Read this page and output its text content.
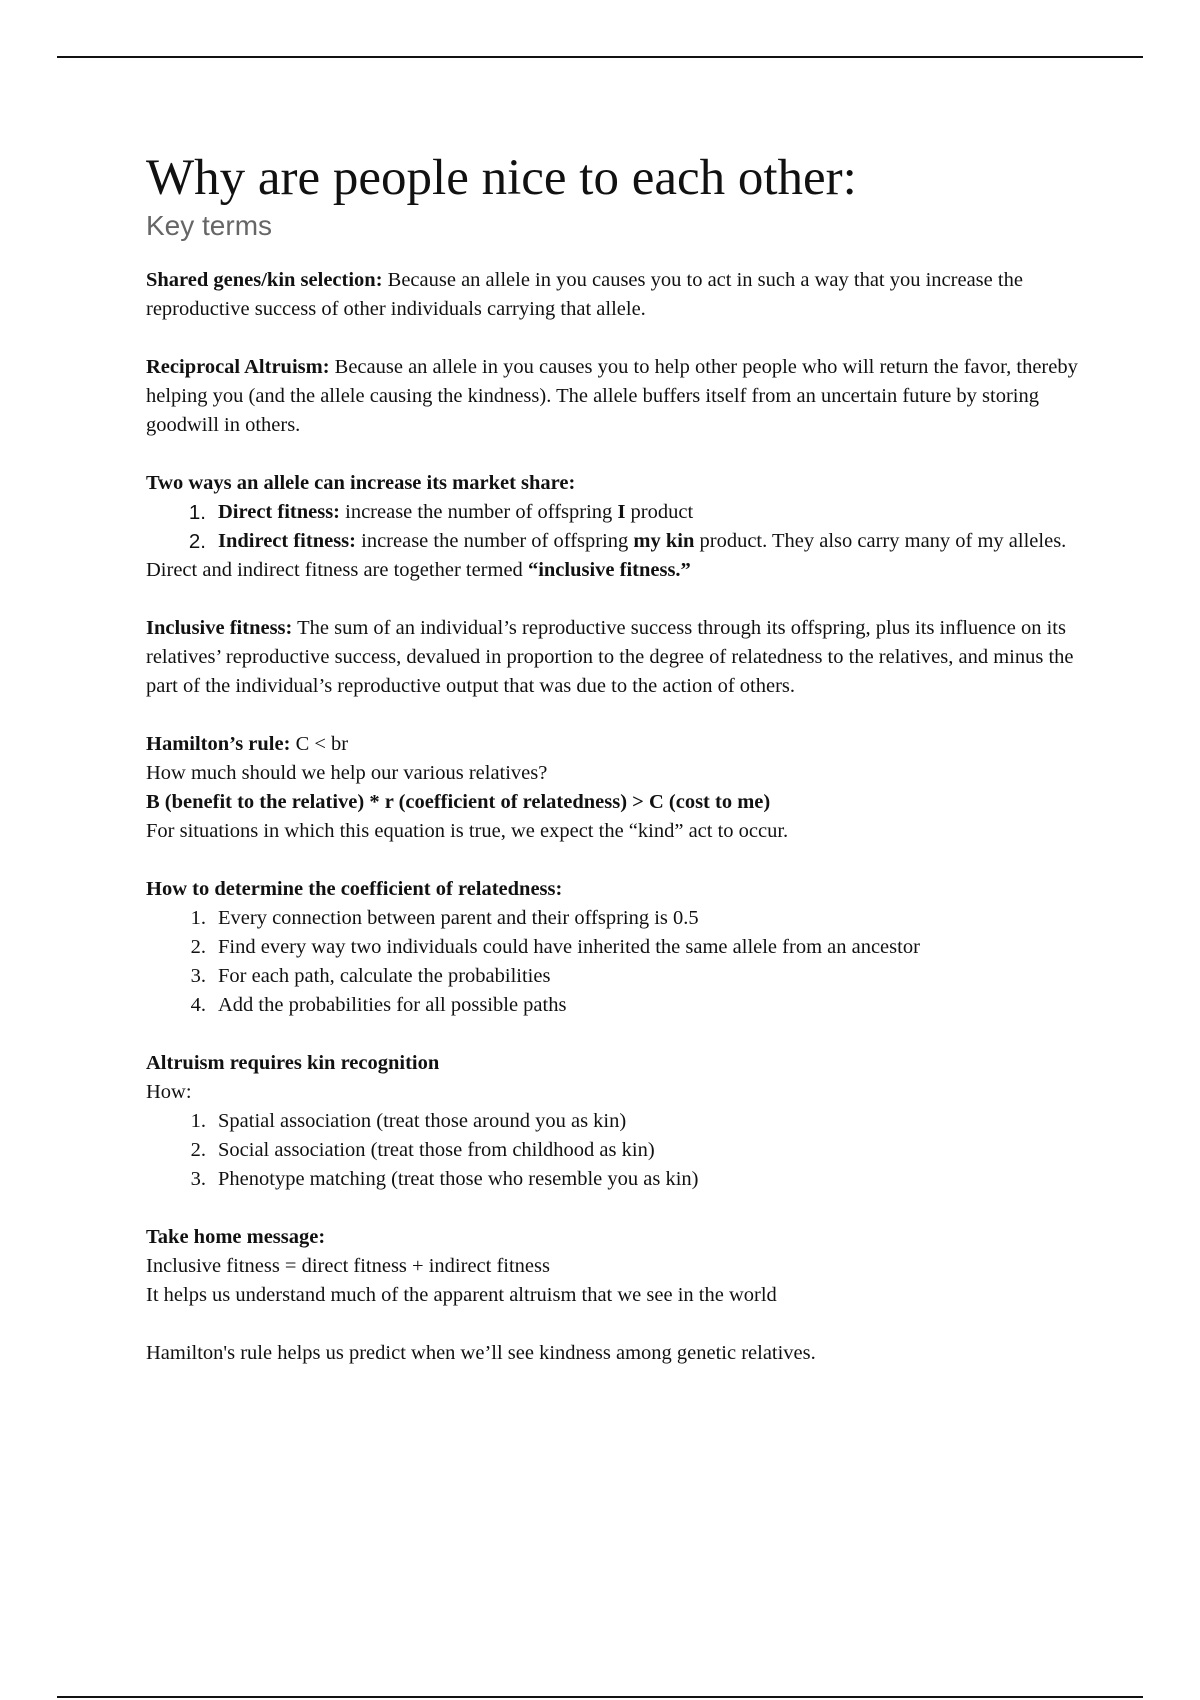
Why are people nice to each other:
Key terms

Shared genes/kin selection: Because an allele in you causes you to act in such a way that you increase the reproductive success of other individuals carrying that allele.

Reciprocal Altruism: Because an allele in you causes you to help other people who will return the favor, thereby helping you (and the allele causing the kindness). The allele buffers itself from an uncertain future by storing goodwill in others.

Two ways an allele can increase its market share:

1. Direct fitness: increase the number of offspring I product
2. Indirect fitness: increase the number of offspring my kin product. They also carry many of my alleles.

Direct and indirect fitness are together termed “inclusive fitness.”

Inclusive fitness: The sum of an individual’s reproductive success through its offspring, plus its influence on its relatives’ reproductive success, devalued in proportion to the degree of relatedness to the relatives, and minus the part of the individual’s reproductive output that was due to the action of others.

Hamilton’s rule: C < br

How much should we help our various relatives?

B (benefit to the relative) * r (coefficient of relatedness) > C (cost to me)

For situations in which this equation is true, we expect the “kind” act to occur.

How to determine the coefficient of relatedness:

1. Every connection between parent and their offspring is 0.5
2. Find every way two individuals could have inherited the same allele from an ancestor
3. For each path, calculate the probabilities
4. Add the probabilities for all possible paths

Altruism requires kin recognition

How:

1. Spatial association (treat those around you as kin)
2. Social association (treat those from childhood as kin)
3. Phenotype matching (treat those who resemble you as kin)

Take home message:

Inclusive fitness = direct fitness + indirect fitness

It helps us understand much of the apparent altruism that we see in the world

Hamilton's rule helps us predict when we’ll see kindness among genetic relatives.
